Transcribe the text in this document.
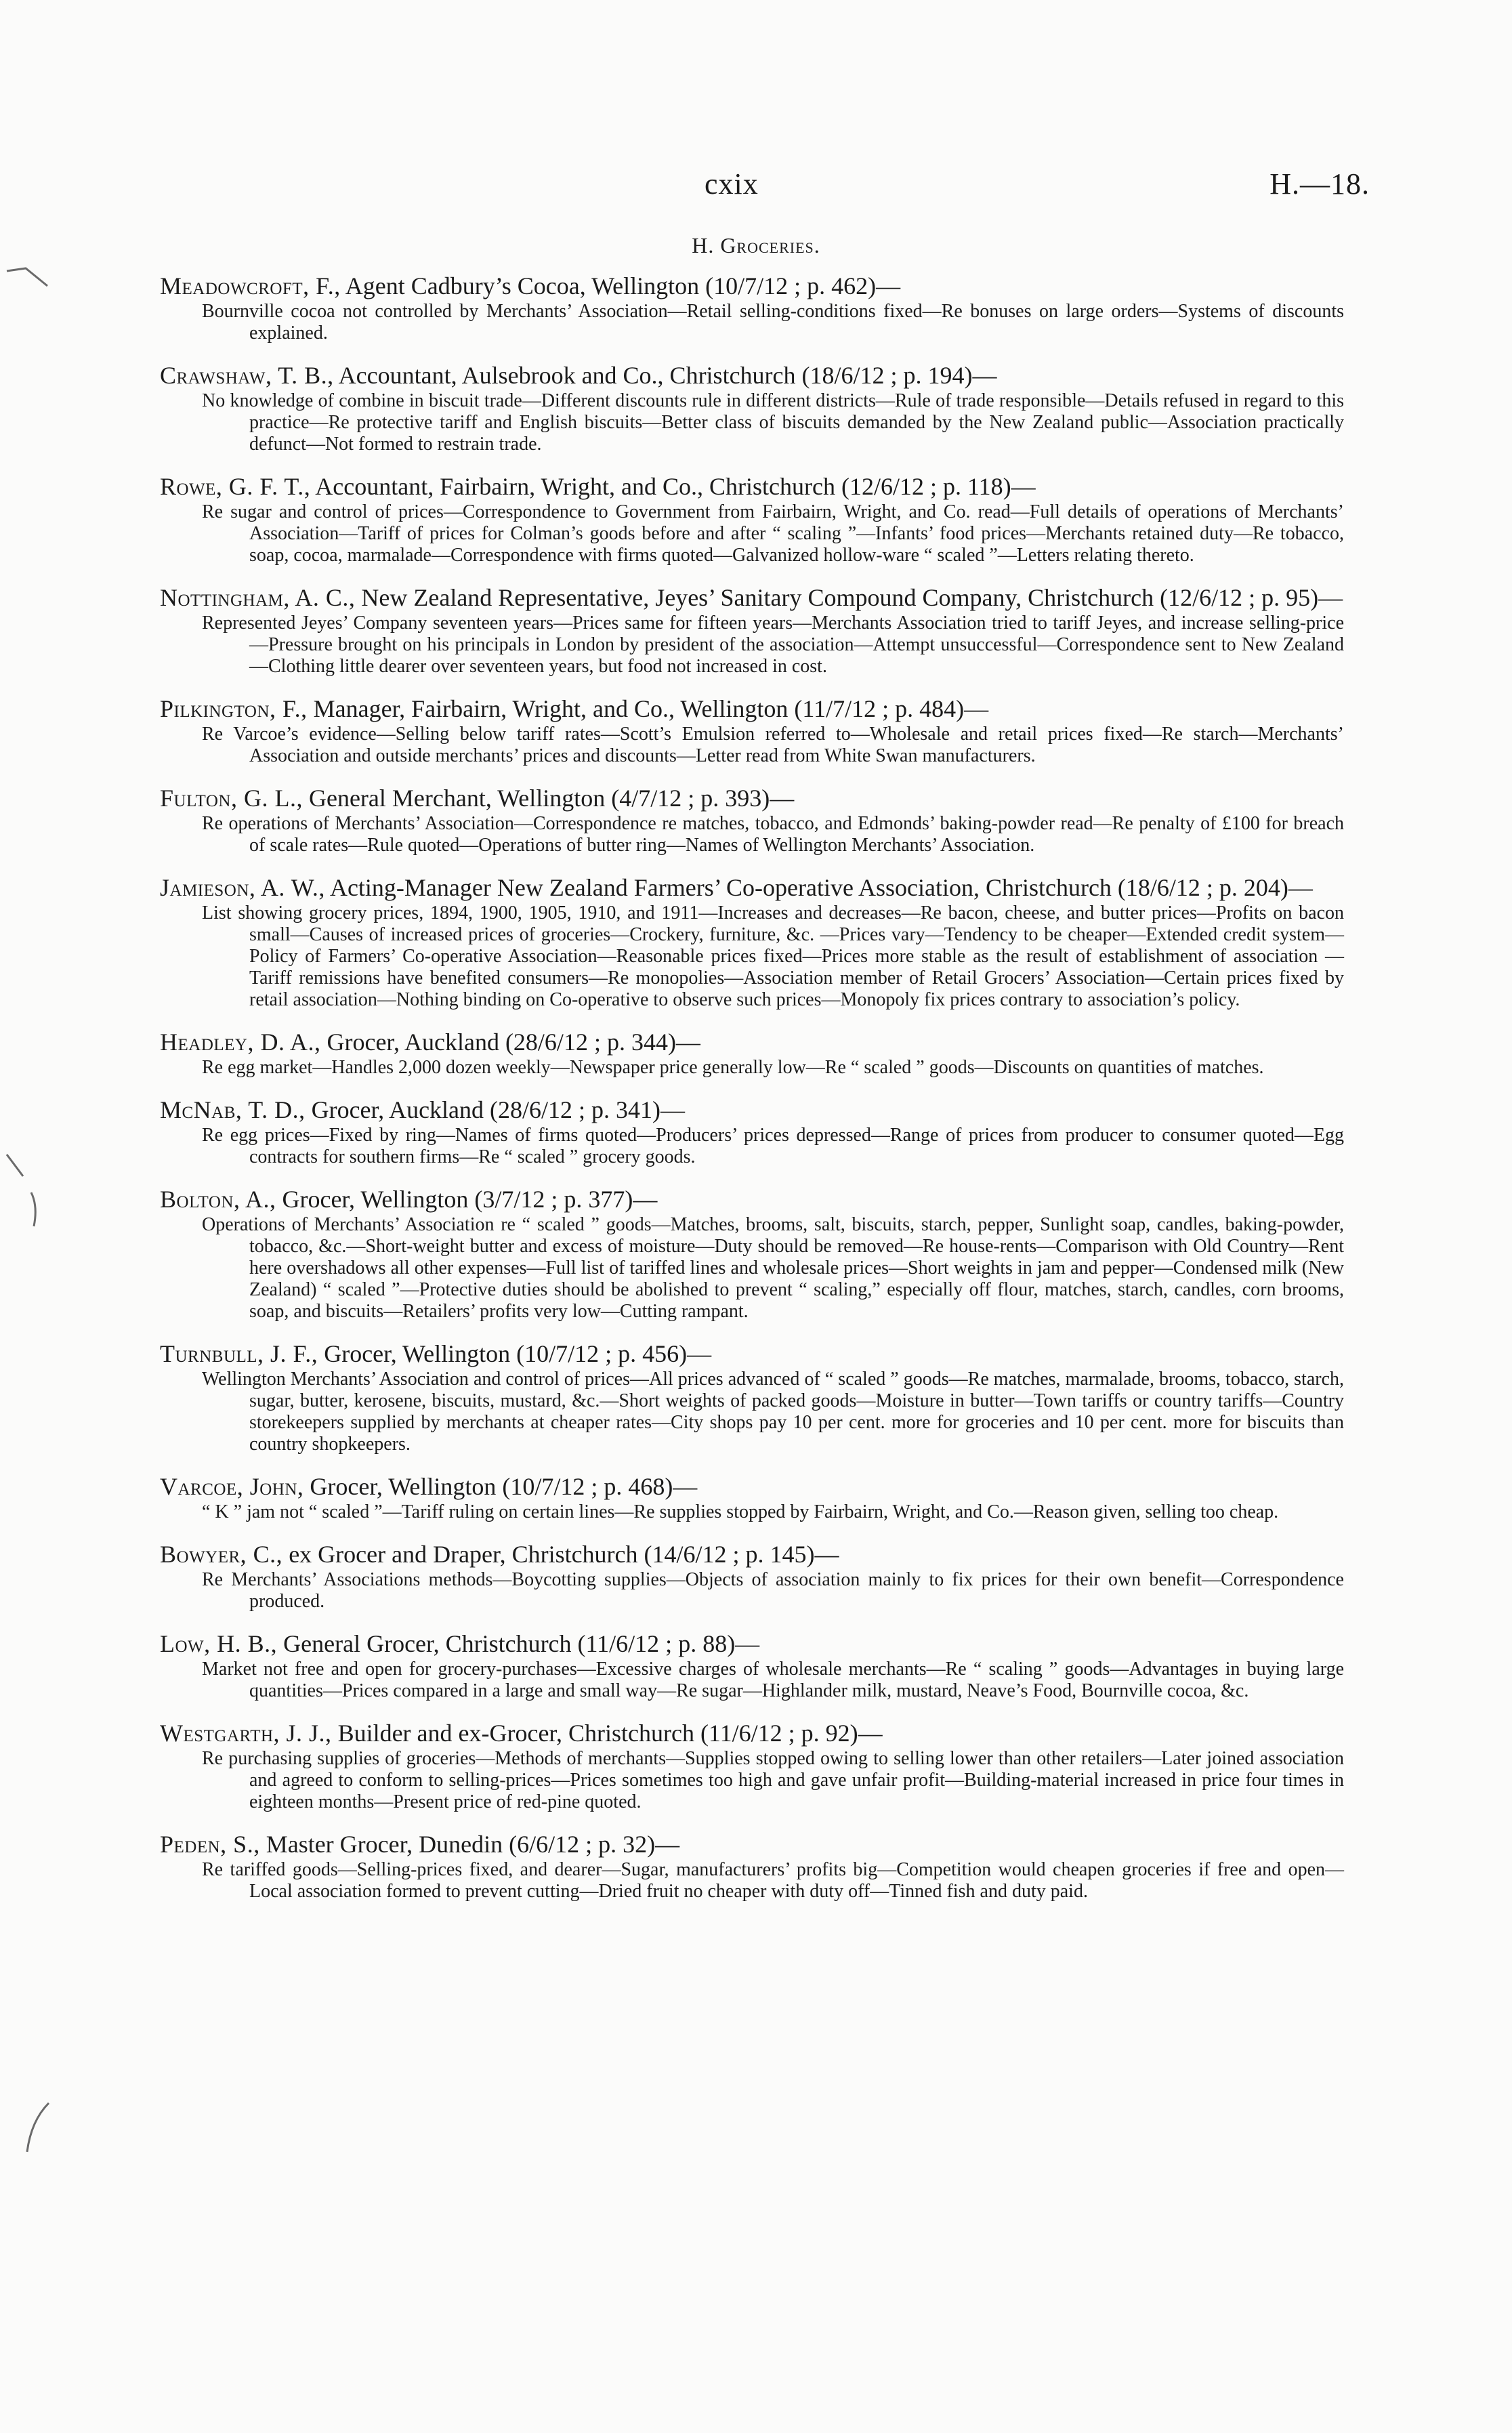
cxix	H.—18.
H. Groceries.
Meadowcroft, F., Agent Cadbury’s Cocoa, Wellington (10/7/12 ; p. 462)—
Bournville cocoa not controlled by Merchants’ Association—Retail selling-conditions fixed—Re bonuses on large orders—Systems of discounts explained.
Crawshaw, T. B., Accountant, Aulsebrook and Co., Christchurch (18/6/12 ; p. 194)—
No knowledge of combine in biscuit trade—Different discounts rule in different districts—Rule of trade responsible—Details refused in regard to this practice—Re protective tariff and English biscuits—Better class of biscuits demanded by the New Zealand public—Association practically defunct—Not formed to restrain trade.
Rowe, G. F. T., Accountant, Fairbairn, Wright, and Co., Christchurch (12/6/12 ; p. 118)—
Re sugar and control of prices—Correspondence to Government from Fairbairn, Wright, and Co. read—Full details of operations of Merchants’ Association—Tariff of prices for Colman’s goods before and after “ scaling ”—Infants’ food prices—Merchants retained duty—Re tobacco, soap, cocoa, marmalade—Correspondence with firms quoted—Galvanized hollow-ware “ scaled ”—Letters relating thereto.
Nottingham, A. C., New Zealand Representative, Jeyes’ Sanitary Compound Company, Christchurch (12/6/12 ; p. 95)—
Represented Jeyes’ Company seventeen years—Prices same for fifteen years—Merchants Association tried to tariff Jeyes, and increase selling-price—Pressure brought on his principals in London by president of the association—Attempt unsuccessful—Correspondence sent to New Zealand—Clothing little dearer over seventeen years, but food not increased in cost.
Pilkington, F., Manager, Fairbairn, Wright, and Co., Wellington (11/7/12 ; p. 484)—
Re Varcoe’s evidence—Selling below tariff rates—Scott’s Emulsion referred to—Wholesale and retail prices fixed—Re starch—Merchants’ Association and outside merchants’ prices and discounts—Letter read from White Swan manufacturers.
Fulton, G. L., General Merchant, Wellington (4/7/12 ; p. 393)—
Re operations of Merchants’ Association—Correspondence re matches, tobacco, and Edmonds’ baking-powder read—Re penalty of £100 for breach of scale rates—Rule quoted—Operations of butter ring—Names of Wellington Merchants’ Association.
Jamieson, A. W., Acting-Manager New Zealand Farmers’ Co-operative Association, Christchurch (18/6/12 ; p. 204)—
List showing grocery prices, 1894, 1900, 1905, 1910, and 1911—Increases and decreases—Re bacon, cheese, and butter prices—Profits on bacon small—Causes of increased prices of groceries—Crockery, furniture, &c. —Prices vary—Tendency to be cheaper—Extended credit system—Policy of Farmers’ Co-operative Association—Reasonable prices fixed—Prices more stable as the result of establishment of association —Tariff remissions have benefited consumers—Re monopolies—Association member of Retail Grocers’ Association—Certain prices fixed by retail association—Nothing binding on Co-operative to observe such prices—Monopoly fix prices contrary to association’s policy.
Headley, D. A., Grocer, Auckland (28/6/12 ; p. 344)—
Re egg market—Handles 2,000 dozen weekly—Newspaper price generally low—Re “ scaled ” goods—Discounts on quantities of matches.
McNab, T. D., Grocer, Auckland (28/6/12 ; p. 341)—
Re egg prices—Fixed by ring—Names of firms quoted—Producers’ prices depressed—Range of prices from producer to consumer quoted—Egg contracts for southern firms—Re “ scaled ” grocery goods.
Bolton, A., Grocer, Wellington (3/7/12 ; p. 377)—
Operations of Merchants’ Association re “ scaled ” goods—Matches, brooms, salt, biscuits, starch, pepper, Sunlight soap, candles, baking-powder, tobacco, &c.—Short-weight butter and excess of moisture—Duty should be removed—Re house-rents—Comparison with Old Country—Rent here overshadows all other expenses—Full list of tariffed lines and wholesale prices—Short weights in jam and pepper—Condensed milk (New Zealand) “ scaled ”—Protective duties should be abolished to prevent “ scaling,” especially off flour, matches, starch, candles, corn brooms, soap, and biscuits—Retailers’ profits very low—Cutting rampant.
Turnbull, J. F., Grocer, Wellington (10/7/12 ; p. 456)—
Wellington Merchants’ Association and control of prices—All prices advanced of “ scaled ” goods—Re matches, marmalade, brooms, tobacco, starch, sugar, butter, kerosene, biscuits, mustard, &c.—Short weights of packed goods—Moisture in butter—Town tariffs or country tariffs—Country storekeepers supplied by merchants at cheaper rates—City shops pay 10 per cent. more for groceries and 10 per cent. more for biscuits than country shopkeepers.
Varcoe, John, Grocer, Wellington (10/7/12 ; p. 468)—
“ K ” jam not “ scaled ”—Tariff ruling on certain lines—Re supplies stopped by Fairbairn, Wright, and Co.—Reason given, selling too cheap.
Bowyer, C., ex Grocer and Draper, Christchurch (14/6/12 ; p. 145)—
Re Merchants’ Associations methods—Boycotting supplies—Objects of association mainly to fix prices for their own benefit—Correspondence produced.
Low, H. B., General Grocer, Christchurch (11/6/12 ; p. 88)—
Market not free and open for grocery-purchases—Excessive charges of wholesale merchants—Re “ scaling ” goods—Advantages in buying large quantities—Prices compared in a large and small way—Re sugar—Highlander milk, mustard, Neave’s Food, Bournville cocoa, &c.
Westgarth, J. J., Builder and ex-Grocer, Christchurch (11/6/12 ; p. 92)—
Re purchasing supplies of groceries—Methods of merchants—Supplies stopped owing to selling lower than other retailers—Later joined association and agreed to conform to selling-prices—Prices sometimes too high and gave unfair profit—Building-material increased in price four times in eighteen months—Present price of red-pine quoted.
Peden, S., Master Grocer, Dunedin (6/6/12 ; p. 32)—
Re tariffed goods—Selling-prices fixed, and dearer—Sugar, manufacturers’ profits big—Competition would cheapen groceries if free and open—Local association formed to prevent cutting—Dried fruit no cheaper with duty off—Tinned fish and duty paid.
